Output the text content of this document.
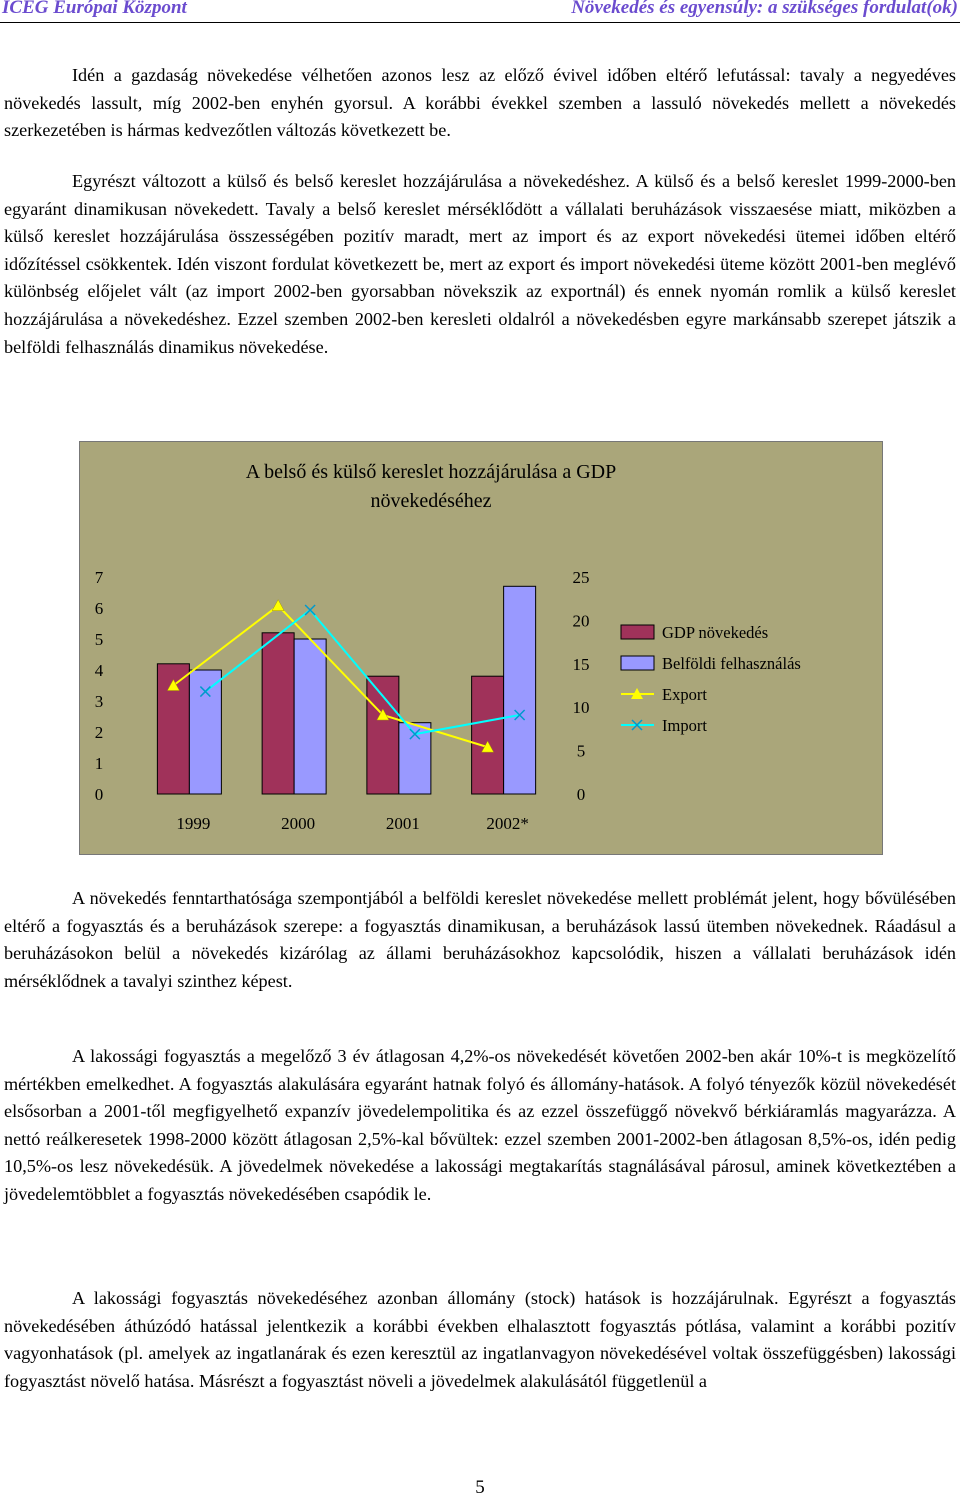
ICEG Európai Központ	Növekedés és egyensúly: a szükséges fordulat(ok)

Idén a gazdaság növekedése vélhetően azonos lesz az előző évivel időben eltérő lefutással: tavaly a negyedéves növekedés lassult, míg 2002-ben enyhén gyorsul. A korábbi évekkel szemben a lassuló növekedés mellett a növekedés szerkezetében is hármas kedvezőtlen változás következett be.

Egyrészt változott a külső és belső kereslet hozzájárulása a növekedéshez. A külső és a belső kereslet 1999-2000-ben egyaránt dinamikusan növekedett. Tavaly a belső kereslet mérséklődött a vállalati beruházások visszaesése miatt, miközben a külső kereslet hozzájárulása összességében pozitív maradt, mert az import és az export növekedési ütemei időben eltérő időzítéssel csökkentek. Idén viszont fordulat következett be, mert az export és import növekedési üteme között 2001-ben meglévő különbség előjelet vált (az import 2002-ben gyorsabban növekszik az exportnál) és ennek nyomán romlik a külső kereslet hozzájárulása a növekedéshez. Ezzel szemben 2002-ben keresleti oldalról a növekedésben egyre markánsabb szerepet játszik a belföldi felhasználás dinamikus növekedése.

A belső és külső kereslet hozzájárulása a GDP
növekedéséhez
0
1
2
3
4
5
6
7
0
5
10
15
20
25
1999	2000	2001	2002*
GDP növekedés
Belföldi felhasználás
Export
Import

A növekedés fenntarthatósága szempontjából a belföldi kereslet növekedése mellett problémát jelent, hogy bővülésében eltérő a fogyasztás és a beruházások szerepe: a fogyasztás dinamikusan, a beruházások lassú ütemben növekednek. Ráadásul a beruházásokon belül a növekedés kizárólag az állami beruházásokhoz kapcsolódik, hiszen a vállalati beruházások idén mérséklődnek a tavalyi szinthez képest.

A lakossági fogyasztás a megelőző 3 év átlagosan 4,2%-os növekedését követően 2002-ben akár 10%-t is megközelítő mértékben emelkedhet. A fogyasztás alakulására egyaránt hatnak folyó és állomány-hatások. A folyó tényezők közül növekedését elsősorban a 2001-től megfigyelhető expanzív jövedelempolitika és az ezzel összefüggő növekvő bérkiáramlás magyarázza. A nettó reálkeresetek 1998-2000 között átlagosan 2,5%-kal bővültek: ezzel szemben 2001-2002-ben átlagosan 8,5%-os, idén pedig 10,5%-os lesz növekedésük. A jövedelmek növekedése a lakossági megtakarítás stagnálásával párosul, aminek következtében a jövedelemtöbblet a fogyasztás növekedésében csapódik le.

A lakossági fogyasztás növekedéséhez azonban állomány (stock) hatások is hozzájárulnak. Egyrészt a fogyasztás növekedésében áthúzódó hatással jelentkezik a korábbi években elhalasztott fogyasztás pótlása, valamint a korábbi pozitív vagyonhatások (pl. amelyek az ingatlanárak és ezen keresztül az ingatlanvagyon növekedésével voltak összefüggésben) lakossági fogyasztást növelő hatása. Másrészt a fogyasztást növeli a jövedelmek alakulásától függetlenül a

5
